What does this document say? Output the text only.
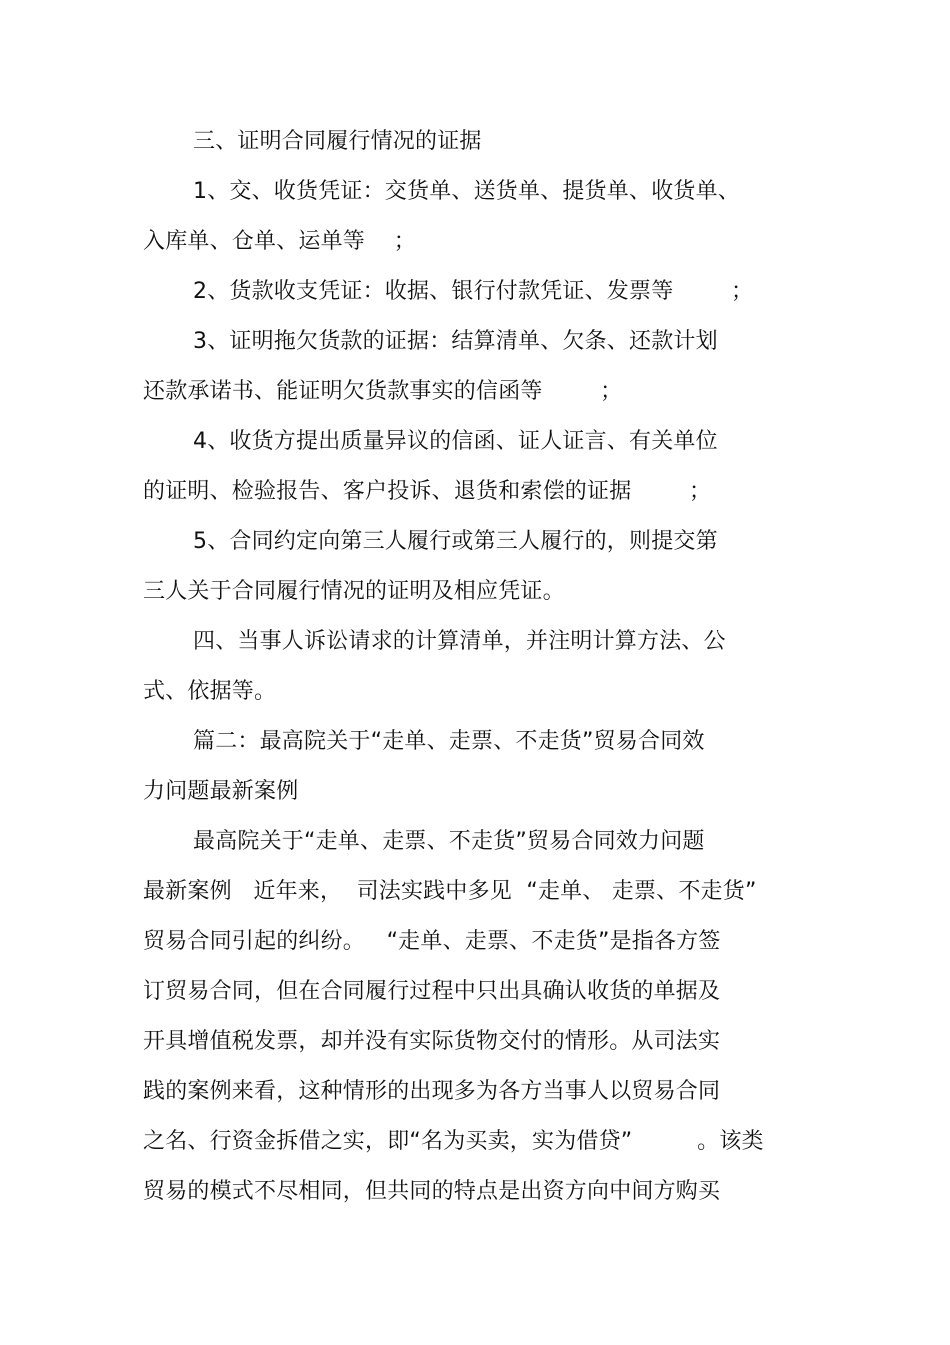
三、证明合同履行情况的证据
1、交、收货凭证：交货单、送货单、提货单、收货单、
入库单、仓单、运单等    ；
2、货款收支凭证：收据、银行付款凭证、发票等        ；
3、证明拖欠货款的证据：结算清单、欠条、还款计划
还款承诺书、能证明欠货款事实的信函等        ；
4、收货方提出质量异议的信函、证人证言、有关单位
的证明、检验报告、客户投诉、退货和索偿的证据        ；
5、合同约定向第三人履行或第三人履行的，则提交第
三人关于合同履行情况的证明及相应凭证。
四、当事人诉讼请求的计算清单，并注明计算方法、公
式、依据等。
篇二：最高院关于“走单、走票、不走货”贸易合同效
力问题最新案例
最高院关于“走单、走票、不走货”贸易合同效力问题
最新案例   近年来，  司法实践中多见  “走单、 走票、不走货”
贸易合同引起的纠纷。   “走单、走票、不走货”是指各方签
订贸易合同，但在合同履行过程中只出具确认收货的单据及
开具增值税发票，却并没有实际货物交付的情形。从司法实
践的案例来看，这种情形的出现多为各方当事人以贸易合同
之名、行资金拆借之实，即“名为买卖，实为借贷”         。该类
贸易的模式不尽相同，但共同的特点是出资方向中间方购买
